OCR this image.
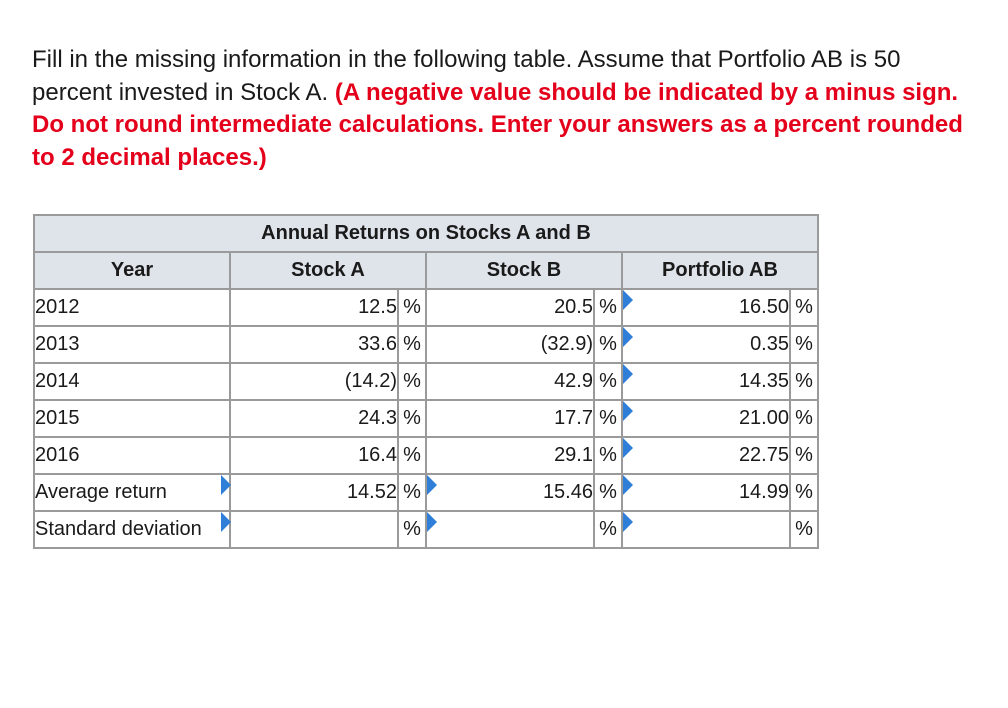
Fill in the missing information in the following table. Assume that Portfolio AB is 50 percent invested in Stock A. (A negative value should be indicated by a minus sign. Do not round intermediate calculations. Enter your answers as a percent rounded to 2 decimal places.)
Annual Returns on Stocks A and B						
Year	Stock A		Stock B		Portfolio AB	
2012	12.5	%	20.5	%	16.50	%
2013	33.6	%	(32.9)	%	0.35	%
2014	(14.2)	%	42.9	%	14.35	%
2015	24.3	%	17.7	%	21.00	%
2016	16.4	%	29.1	%	22.75	%
Average return	14.52	%	15.46	%	14.99	%
Standard deviation		%		%		%
